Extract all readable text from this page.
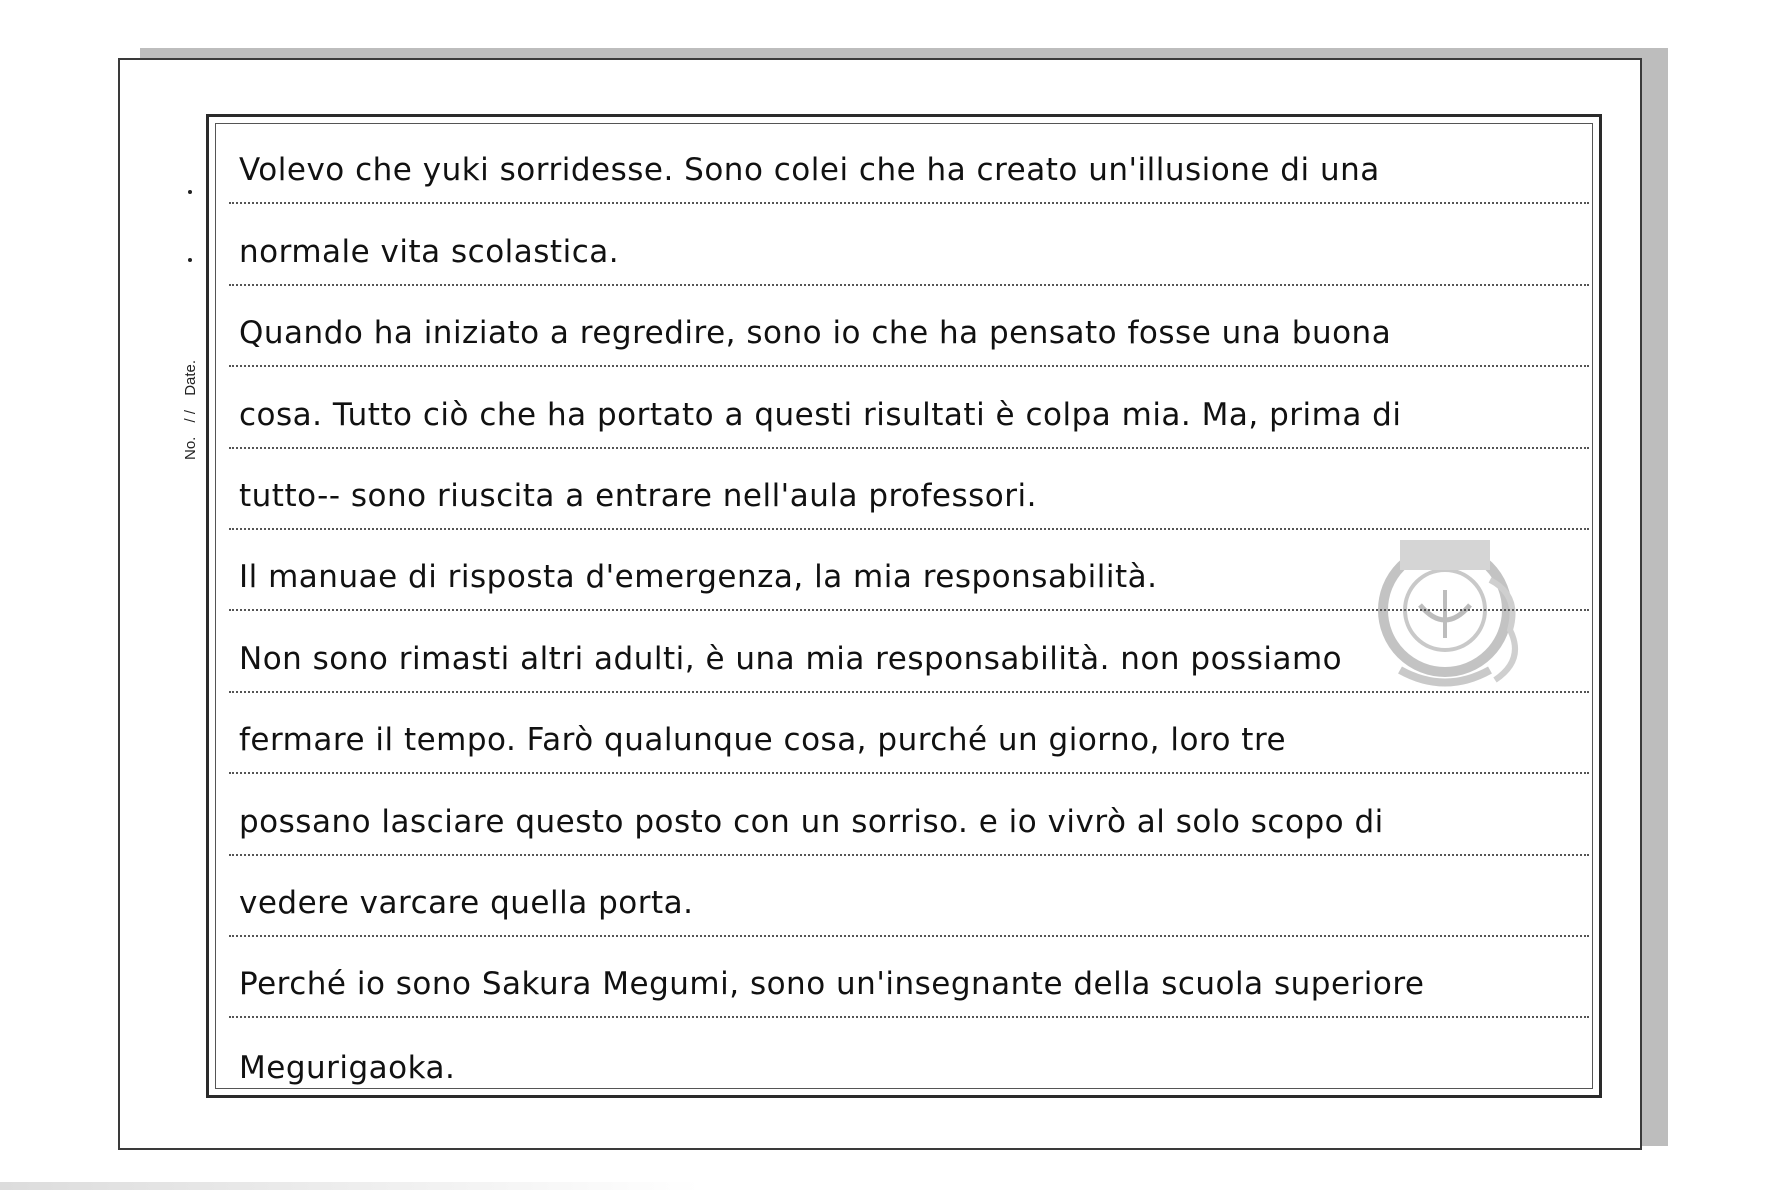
No. / / Date.
Volevo che yuki sorridesse. Sono colei che ha creato un'illusione di una
normale vita scolastica.
Quando ha iniziato a regredire, sono io che ha pensato fosse una buona
cosa. Tutto ciò che ha portato a questi risultati è colpa mia. Ma, prima di
tutto-- sono riuscita a entrare nell'aula professori.
Il manuae di risposta d'emergenza, la mia responsabilità.
Non sono rimasti altri adulti, è una mia responsabilità. non possiamo
fermare il tempo. Farò qualunque cosa, purché un giorno, loro tre
possano lasciare questo posto con un sorriso. e io vivrò al solo scopo di
vedere varcare quella porta.
Perché io sono Sakura Megumi, sono un'insegnante della scuola superiore
Megurigaoka.
